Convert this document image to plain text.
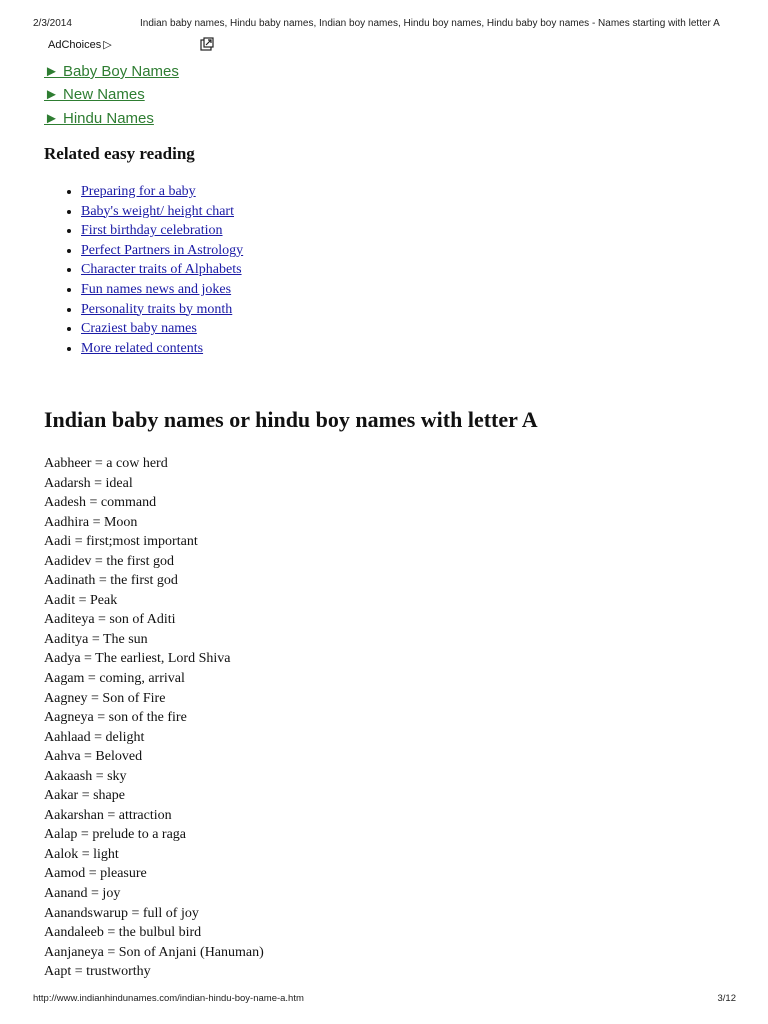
2/3/2014	Indian baby names, Hindu baby names, Indian boy names, Hindu boy names, Hindu baby boy names - Names starting with letter A
AdChoices ▷
► Baby Boy Names
► New Names
► Hindu Names
Related easy reading
• Preparing for a baby
• Baby's weight/ height chart
• First birthday celebration
• Perfect Partners in Astrology
• Character traits of Alphabets
• Fun names news and jokes
• Personality traits by month
• Craziest baby names
• More related contents
Indian baby names or hindu boy names with letter A
Aabheer = a cow herd
Aadarsh = ideal
Aadesh = command
Aadhira = Moon
Aadi = first;most important
Aadidev = the first god
Aadinath = the first god
Aadit = Peak
Aaditeya = son of Aditi
Aaditya = The sun
Aadya = The earliest, Lord Shiva
Aagam = coming, arrival
Aagney = Son of Fire
Aagneya = son of the fire
Aahlaad = delight
Aahva = Beloved
Aakaash = sky
Aakar = shape
Aakarshan = attraction
Aalap = prelude to a raga
Aalok = light
Aamod = pleasure
Aanand = joy
Aanandswarup = full of joy
Aandaleeb = the bulbul bird
Aanjaneya = Son of Anjani (Hanuman)
Aapt = trustworthy
http://www.indianhindunames.com/indian-hindu-boy-name-a.htm	3/12
